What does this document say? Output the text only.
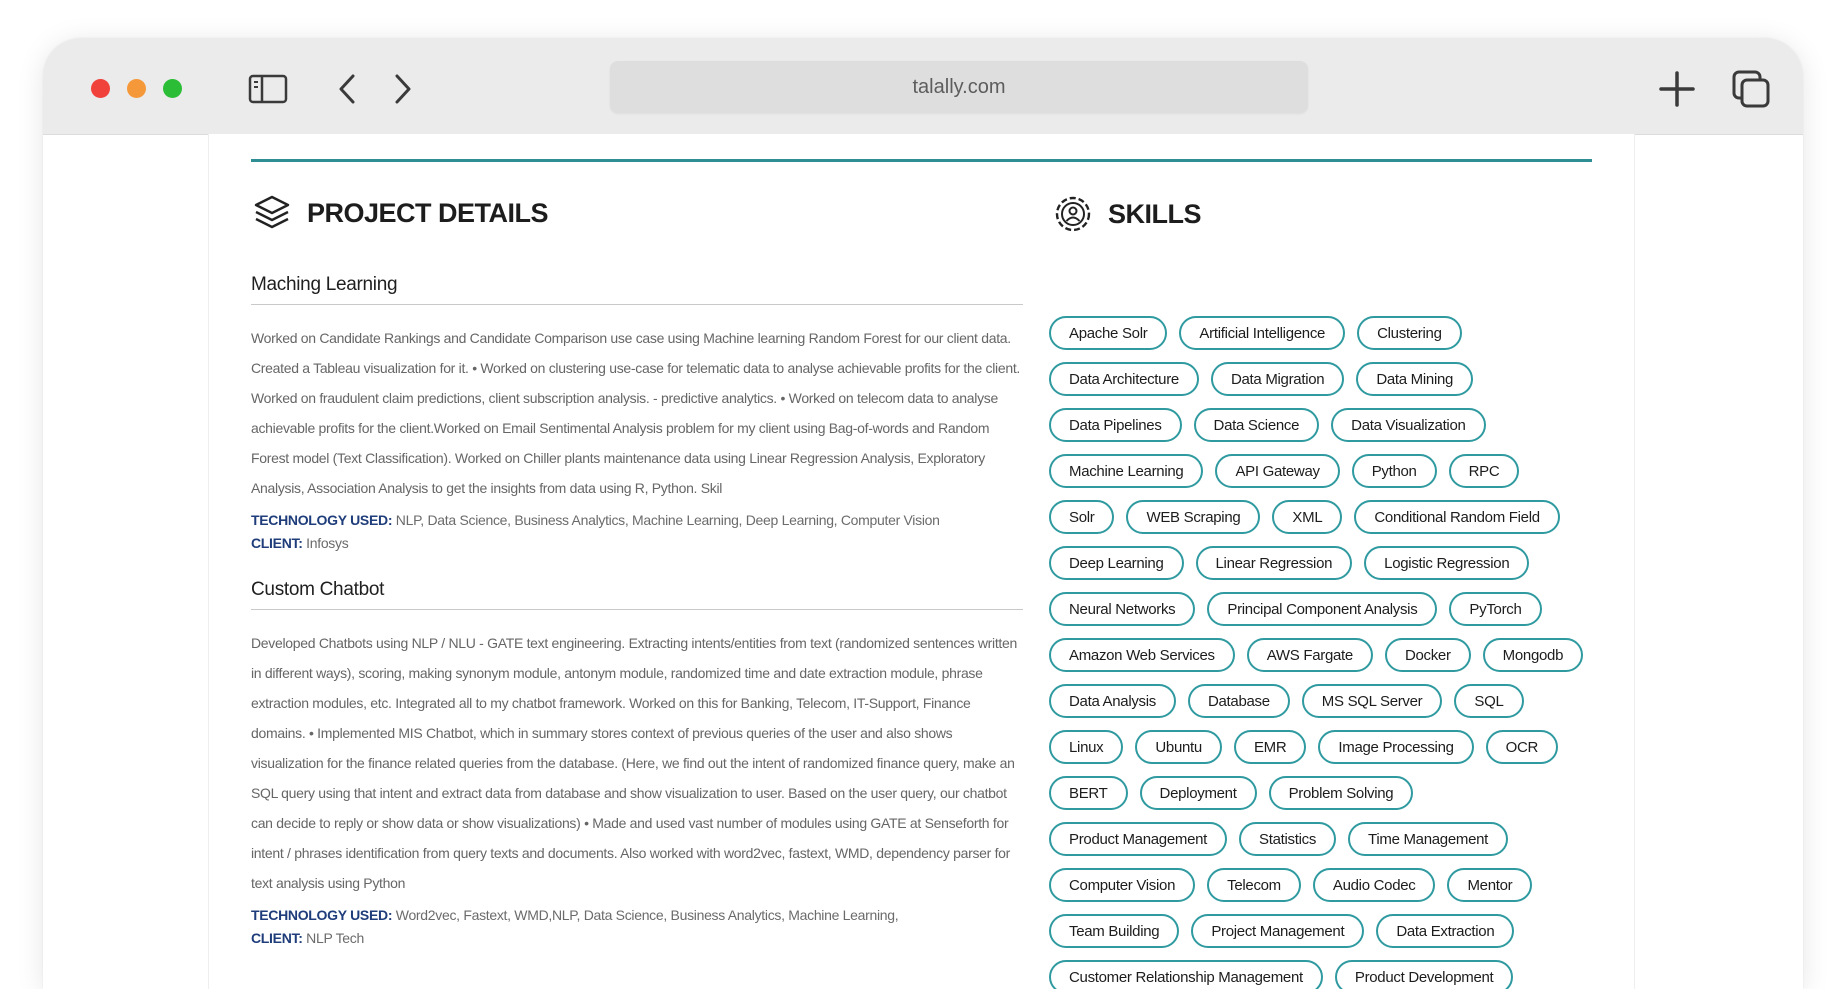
talally.com
PROJECT DETAILS	SKILLS
Maching Learning
Worked on Candidate Rankings and Candidate Comparison use case using Machine learning Random Forest for our client data. Created a Tableau visualization for it. • Worked on clustering use-case for telematic data to analyse achievable profits for the client. Worked on fraudulent claim predictions, client subscription analysis. - predictive analytics. • Worked on telecom data to analyse achievable profits for the client.Worked on Email Sentimental Analysis problem for my client using Bag-of-words and Random Forest model (Text Classification). Worked on Chiller plants maintenance data using Linear Regression Analysis, Exploratory Analysis, Association Analysis to get the insights from data using R, Python. Skil
TECHNOLOGY USED: NLP, Data Science, Business Analytics, Machine Learning, Deep Learning, Computer Vision
CLIENT: Infosys
Custom Chatbot
Developed Chatbots using NLP / NLU - GATE text engineering. Extracting intents/entities from text (randomized sentences written in different ways), scoring, making synonym module, antonym module, randomized time and date extraction module, phrase extraction modules, etc. Integrated all to my chatbot framework. Worked on this for Banking, Telecom, IT-Support, Finance domains. • Implemented MIS Chatbot, which in summary stores context of previous queries of the user and also shows visualization for the finance related queries from the database. (Here, we find out the intent of randomized finance query, make an SQL query using that intent and extract data from database and show visualization to user. Based on the user query, our chatbot can decide to reply or show data or show visualizations) • Made and used vast number of modules using GATE at Senseforth for intent / phrases identification from query texts and documents. Also worked with word2vec, fastext, WMD, dependency parser for text analysis using Python
TECHNOLOGY USED: Word2vec, Fastext, WMD,NLP, Data Science, Business Analytics, Machine Learning,
CLIENT: NLP Tech
Apache Solr	Artificial Intelligence	Clustering
Data Architecture	Data Migration	Data Mining
Data Pipelines	Data Science	Data Visualization
Machine Learning	API Gateway	Python	RPC
Solr	WEB Scraping	XML	Conditional Random Field
Deep Learning	Linear Regression	Logistic Regression
Neural Networks	Principal Component Analysis	PyTorch
Amazon Web Services	AWS Fargate	Docker	Mongodb
Data Analysis	Database	MS SQL Server	SQL
Linux	Ubuntu	EMR	Image Processing	OCR
BERT	Deployment	Problem Solving
Product Management	Statistics	Time Management
Computer Vision	Telecom	Audio Codec	Mentor
Team Building	Project Management	Data Extraction
Customer Relationship Management	Product Development
